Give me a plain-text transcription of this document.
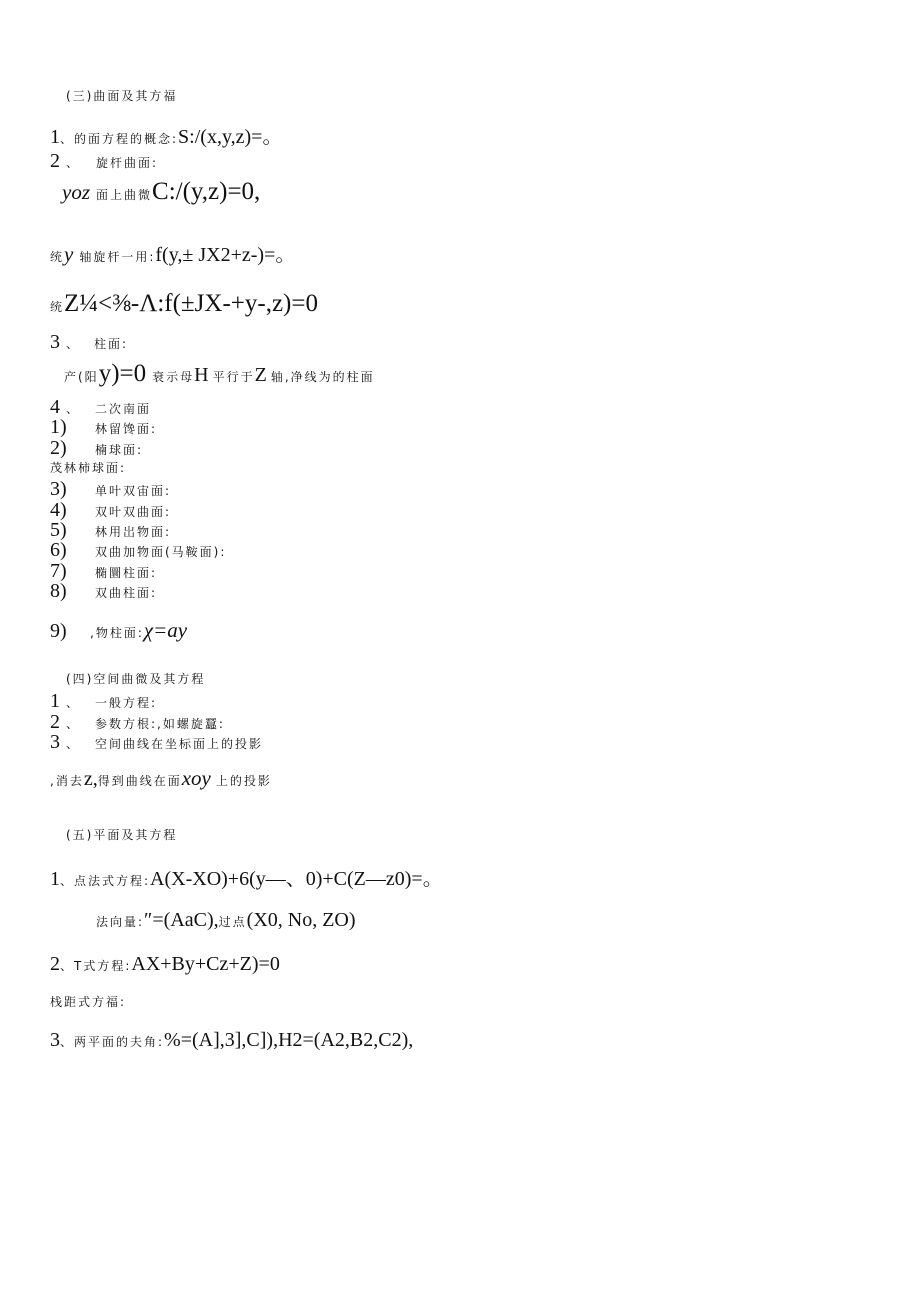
(三)曲面及其方福
1、的面方程的概念:S:/(x,y,z)=。
2 、 旋杆曲面:
yoz 面上曲微C:/(y,z)=0,
统y 轴旋杆一用:f(y,± JX2+z-)=。
统Z¼<⅜-Λ:f(±JX-+y-,z)=0
3 、 柱面:
产(阳y)=0 衰示母H 平行于Z 轴,净线为的柱面
4 、 二次南面
1) 林留馋面:
2) 楠球面:
茂林柿球面:
3) 单叶双宙面:
4) 双叶双曲面:
5) 林用岀物面:
6) 双曲加物面(马鞍面):
7) 椭圜柱面:
8) 双曲柱面:
9) ,物柱面:χ=ay
(四)空间曲微及其方程
1 、 一般方程:
2 、 参数方根:,如螺旋蠶:
3 、 空间曲线在坐标面上的投影
,消去z,得到曲线在面xoy 上的投影
(五)平面及其方程
1、点法式方程:A(X-XO)+6(y—、0)+C(Z—z0)=。
法向量:″=(AaC),过点(X0, No, ZO)
2、T式方程:AX+By+Cz+Z)=0
栈距式方福:
3、两平面的夫角:%=(A],3],C]),H2=(A2,B2,C2),
